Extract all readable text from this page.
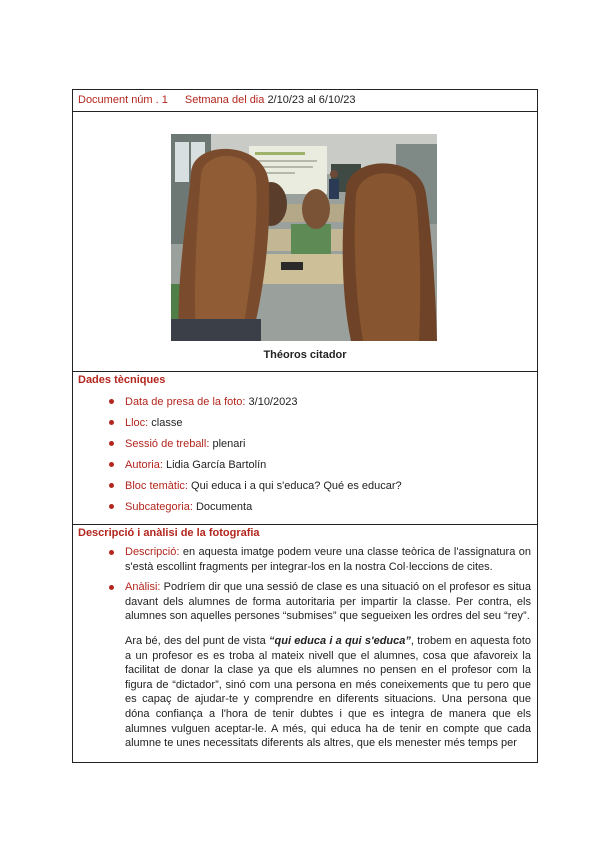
Document núm . 1 Setmana del dia 2/10/23 al 6/10/23
Théoros citador
Dades tècniques
Data de presa de la foto: 3/10/2023
Lloc: classe
Sessió de treball: plenari
Autoria: Lidia García Bartolín
Bloc temàtic: Qui educa i a qui s'educa? Qué es educar?
Subcategoria: Documenta
Descripció i anàlisi de la fotografia
Descripció: en aquesta imatge podem veure una classe teòrica de l'assignatura on s'està escollint fragments per integrar-los en la nostra Col·leccions de cites.
Anàlisi: Podríem dir que una sessió de clase es una situació on el profesor es situa davant dels alumnes de forma autoritaria per impartir la classe. Per contra, els alumnes son aquelles persones “submises” que segueixen les ordres del seu “rey”.
Ara bé, des del punt de vista “qui educa i a qui s'educa”, trobem en aquesta foto a un profesor es es troba al mateix nivell que el alumnes, cosa que afavoreix la facilitat de donar la clase ya que els alumnes no pensen en el profesor com la figura de “dictador”, sinó com una persona en més coneixements que tu pero que es capaç de ajudar-te y comprendre en diferents situacions. Una persona que dóna confiança a l'hora de tenir dubtes i que es integra de manera que els alumnes vulguen aceptar-le. A més, qui educa ha de tenir en compte que cada alumne te unes necessitats diferents als altres, que els menester més temps per
